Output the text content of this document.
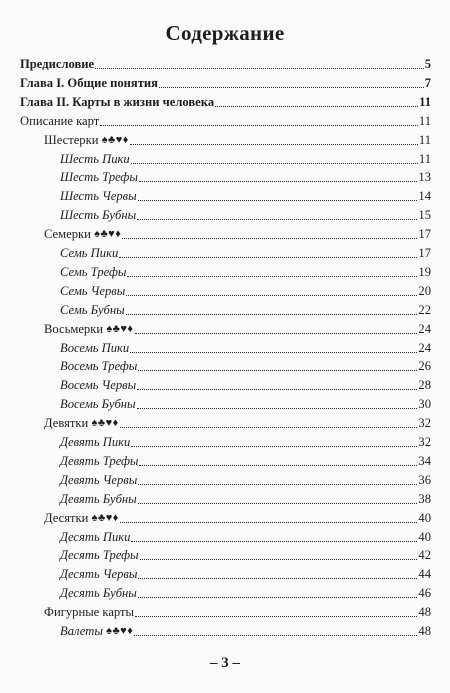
Содержание
Предисловие	5
Глава I. Общие понятия	7
Глава II. Карты в жизни человека	11
Описание карт	11
Шестерки ♠♣♥♦	11
Шесть Пики	11
Шесть Трефы	13
Шесть Червы	14
Шесть Бубны	15
Семерки ♠♣♥♦	17
Семь Пики	17
Семь Трефы	19
Семь Червы	20
Семь Бубны	22
Восьмерки ♠♣♥♦	24
Восемь Пики	24
Восемь Трефы	26
Восемь Червы	28
Восемь Бубны	30
Девятки ♠♣♥♦	32
Девять Пики	32
Девять Трефы	34
Девять Червы	36
Девять Бубны	38
Десятки ♠♣♥♦	40
Десять Пики	40
Десять Трефы	42
Десять Червы	44
Десять Бубны	46
Фигурные карты	48
Валеты ♠♣♥♦	48
– 3 –
